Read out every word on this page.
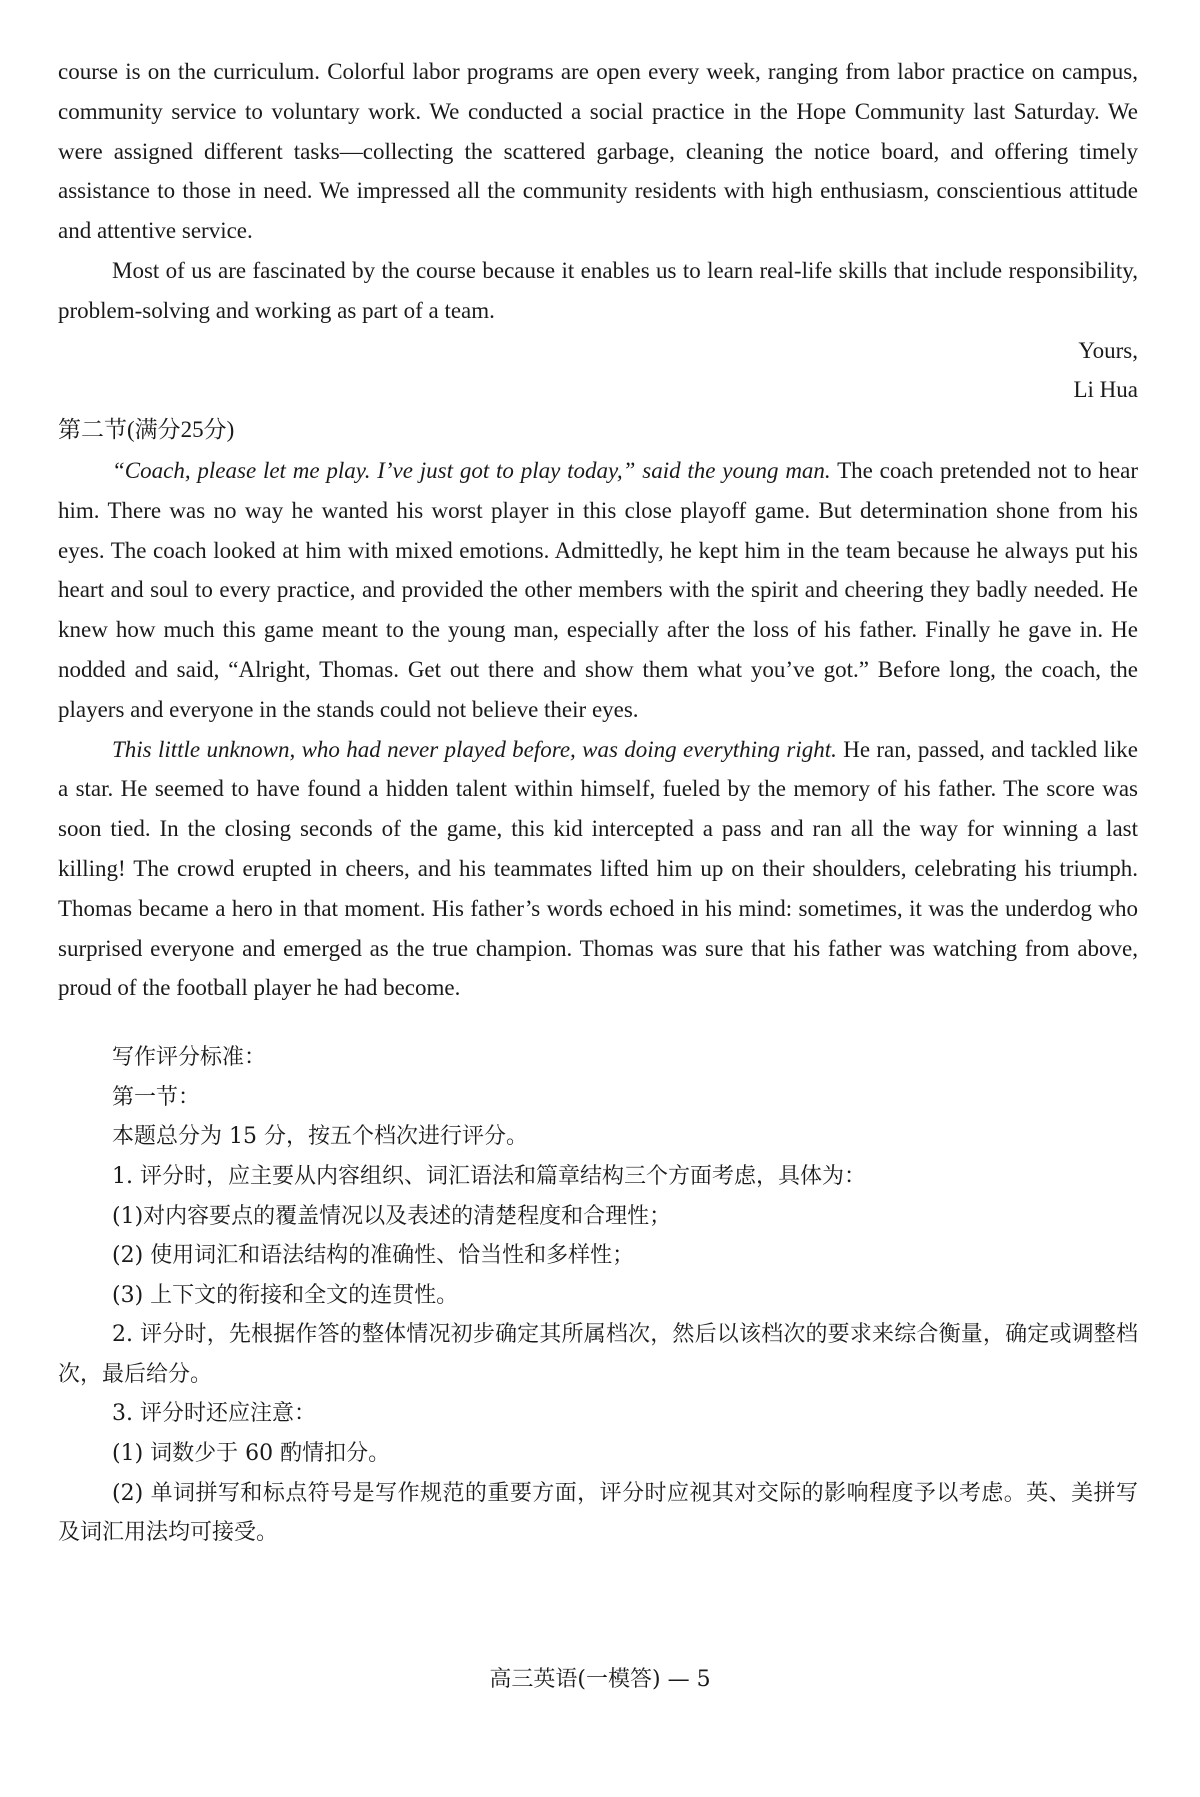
course is on the curriculum. Colorful labor programs are open every week, ranging from labor practice on campus, community service to voluntary work. We conducted a social practice in the Hope Community last Saturday. We were assigned different tasks—collecting the scattered garbage, cleaning the notice board, and offering timely assistance to those in need. We impressed all the community residents with high enthusiasm, conscientious attitude and attentive service.

Most of us are fascinated by the course because it enables us to learn real-life skills that include responsibility, problem-solving and working as part of a team.

Yours,

Li Hua

第二节(满分25分)

“Coach, please let me play. I’ve just got to play today,” said the young man. The coach pretended not to hear him. There was no way he wanted his worst player in this close playoff game. But determination shone from his eyes. The coach looked at him with mixed emotions. Admittedly, he kept him in the team because he always put his heart and soul to every practice, and provided the other members with the spirit and cheering they badly needed. He knew how much this game meant to the young man, especially after the loss of his father. Finally he gave in. He nodded and said, “Alright, Thomas. Get out there and show them what you’ve got.” Before long, the coach, the players and everyone in the stands could not believe their eyes.

This little unknown, who had never played before, was doing everything right. He ran, passed, and tackled like a star. He seemed to have found a hidden talent within himself, fueled by the memory of his father. The score was soon tied. In the closing seconds of the game, this kid intercepted a pass and ran all the way for winning a last killing! The crowd erupted in cheers, and his teammates lifted him up on their shoulders, celebrating his triumph. Thomas became a hero in that moment. His father’s words echoed in his mind: sometimes, it was the underdog who surprised everyone and emerged as the true champion. Thomas was sure that his father was watching from above, proud of the football player he had become.

写作评分标准：

第一节：

本题总分为 15 分，按五个档次进行评分。

1. 评分时，应主要从内容组织、词汇语法和篇章结构三个方面考虑，具体为：

(1)对内容要点的覆盖情况以及表述的清楚程度和合理性；

(2) 使用词汇和语法结构的准确性、恰当性和多样性；

(3) 上下文的衔接和全文的连贯性。

2. 评分时，先根据作答的整体情况初步确定其所属档次，然后以该档次的要求来综合衡量，确定或调整档次，最后给分。

3. 评分时还应注意：

(1) 词数少于 60 酌情扣分。

(2) 单词拼写和标点符号是写作规范的重要方面，评分时应视其对交际的影响程度予以考虑。英、美拼写及词汇用法均可接受。

高三英语(一模答) — 5
